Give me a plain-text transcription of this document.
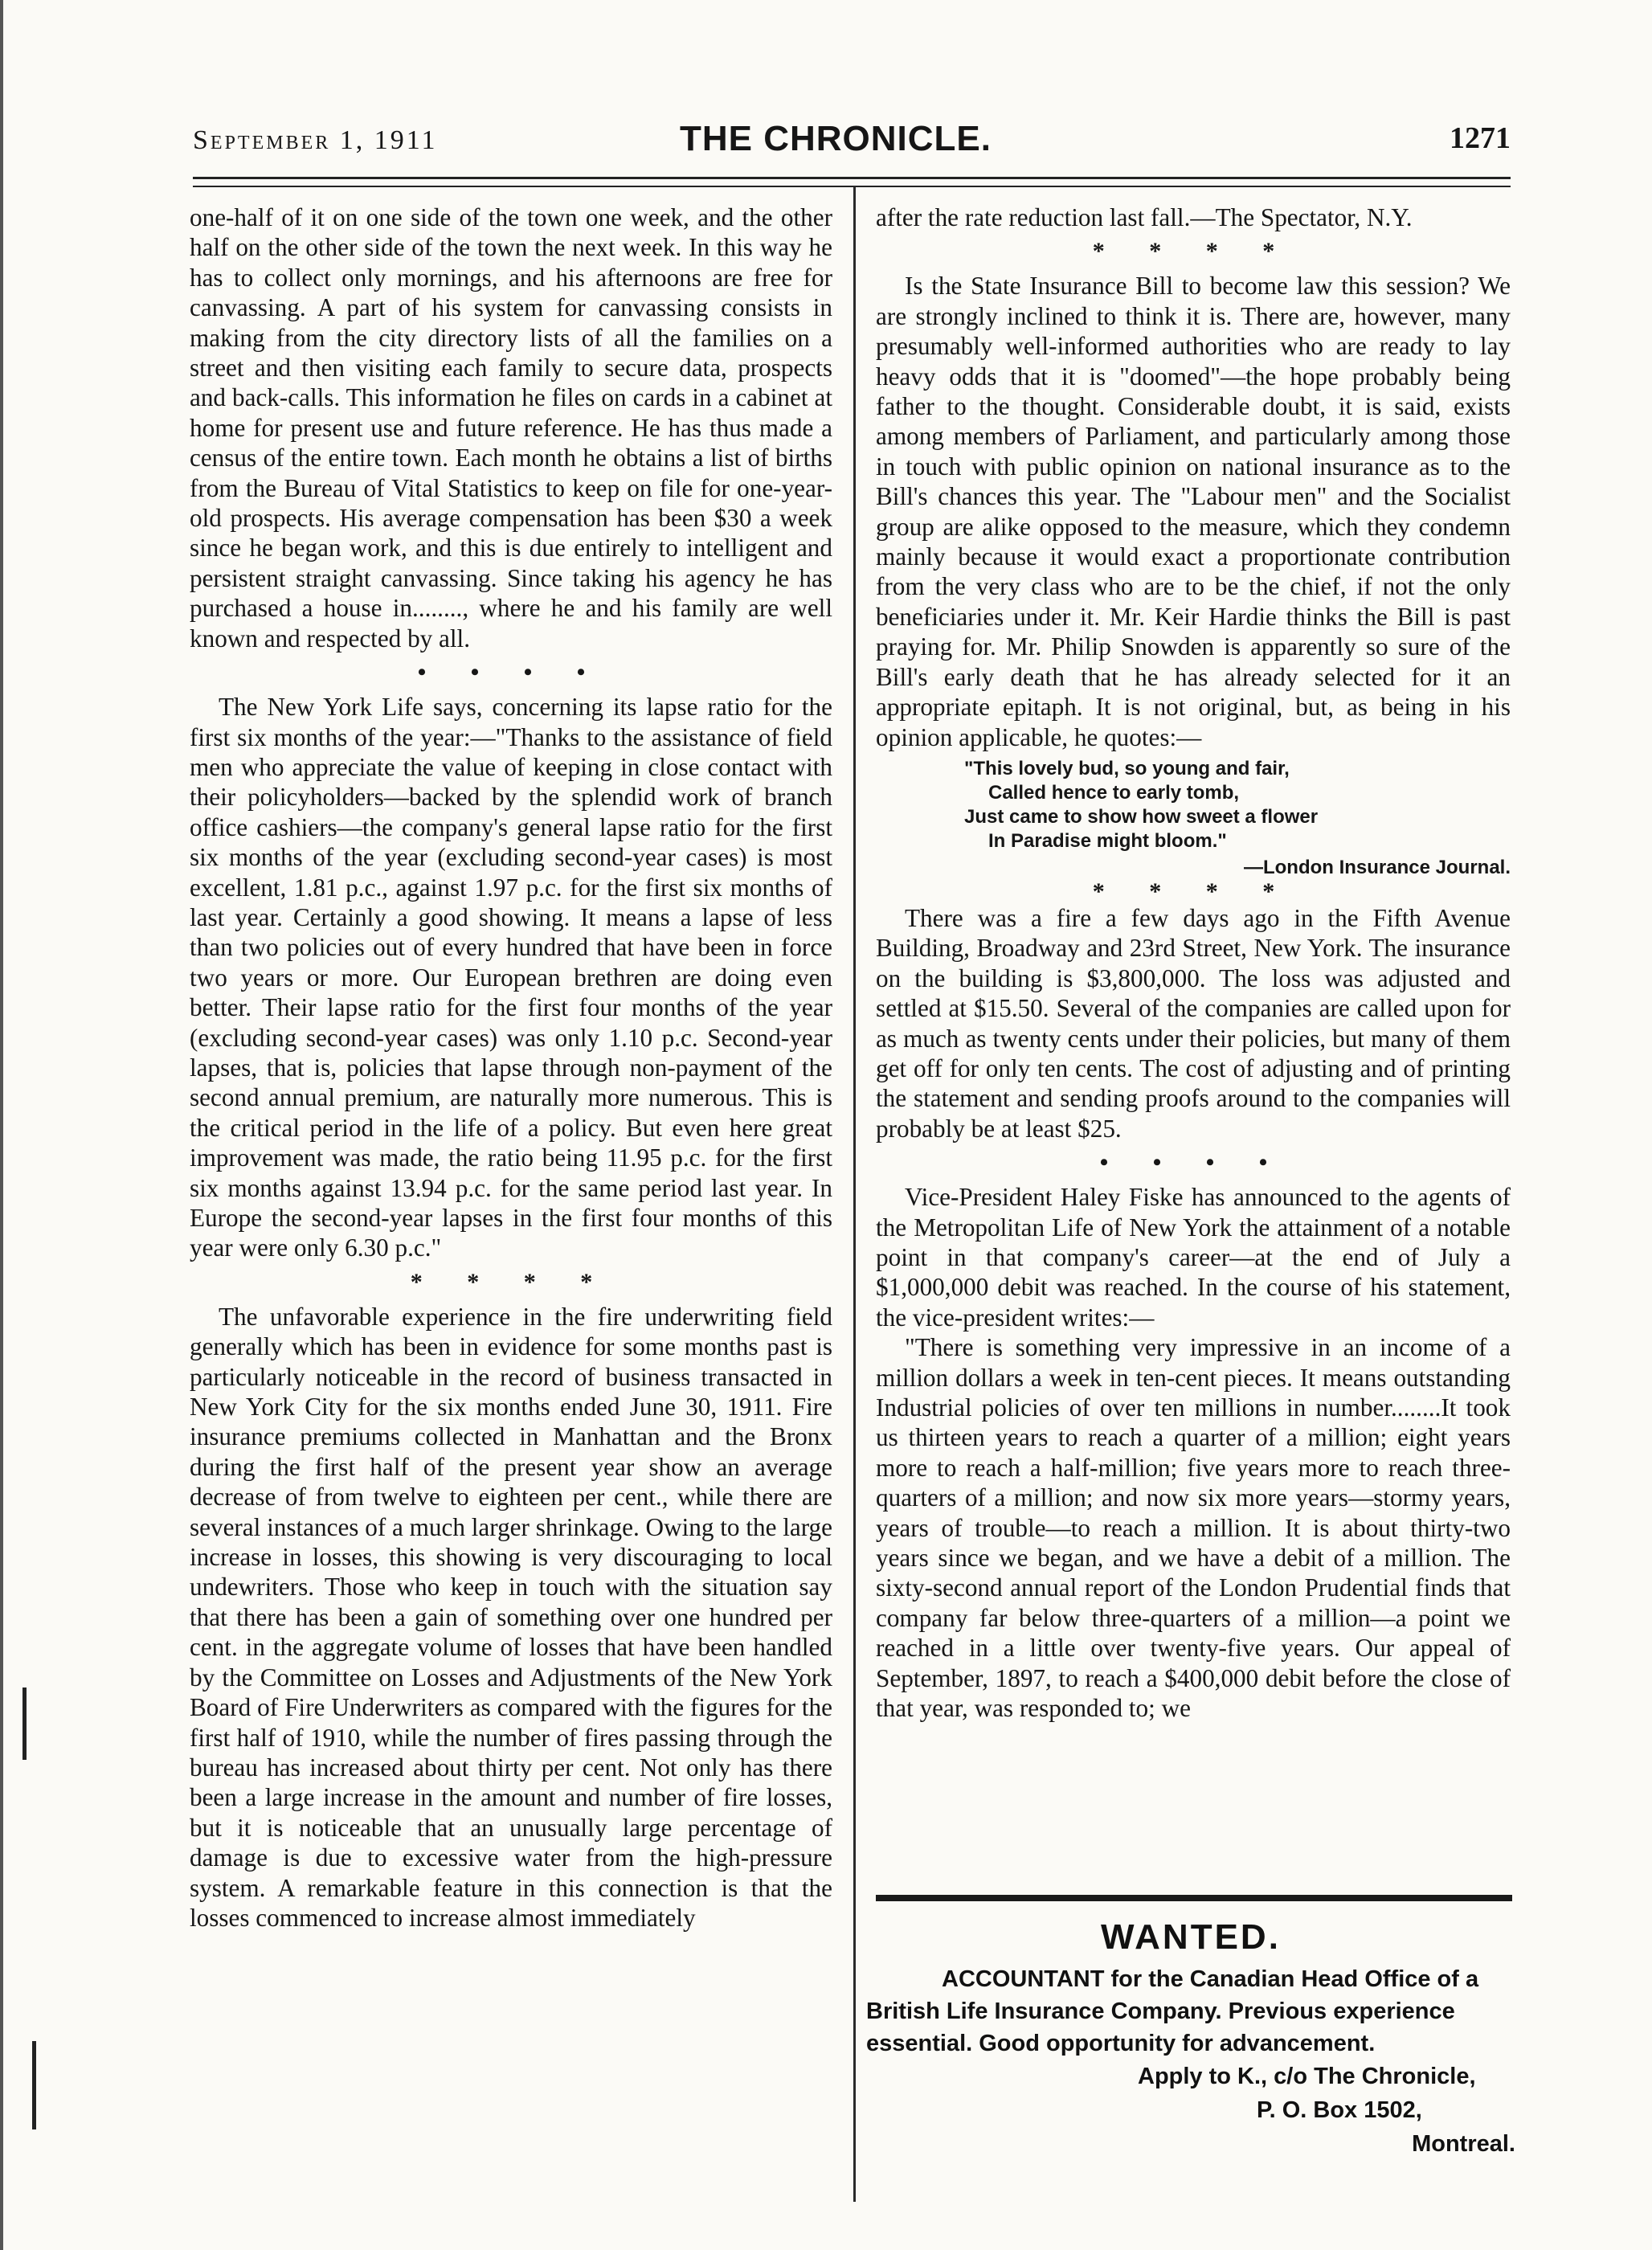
September 1, 1911	THE CHRONICLE.	1271

one-half of it on one side of the town one week, and the other half on the other side of the town the next week. In this way he has to collect only mornings, and his afternoons are free for canvassing. A part of his system for canvassing consists in making from the city directory lists of all the families on a street and then visiting each family to secure data, prospects and back-calls. This information he files on cards in a cabinet at home for present use and future reference. He has thus made a census of the entire town. Each month he obtains a list of births from the Bureau of Vital Statistics to keep on file for one-year-old prospects. His average compensation has been $30 a week since he began work, and this is due entirely to intelligent and persistent straight canvassing. Since taking his agency he has purchased a house in........, where he and his family are well known and respected by all.

• • • •

The New York Life says, concerning its lapse ratio for the first six months of the year:—"Thanks to the assistance of field men who appreciate the value of keeping in close contact with their policyholders—backed by the splendid work of branch office cashiers—the company's general lapse ratio for the first six months of the year (excluding second-year cases) is most excellent, 1.81 p.c., against 1.97 p.c. for the first six months of last year. Certainly a good showing. It means a lapse of less than two policies out of every hundred that have been in force two years or more. Our European brethren are doing even better. Their lapse ratio for the first four months of the year (excluding second-year cases) was only 1.10 p.c. Second-year lapses, that is, policies that lapse through non-payment of the second annual premium, are naturally more numerous. This is the critical period in the life of a policy. But even here great improvement was made, the ratio being 11.95 p.c. for the first six months against 13.94 p.c. for the same period last year. In Europe the second-year lapses in the first four months of this year were only 6.30 p.c."

* * * *

The unfavorable experience in the fire underwriting field generally which has been in evidence for some months past is particularly noticeable in the record of business transacted in New York City for the six months ended June 30, 1911. Fire insurance premiums collected in Manhattan and the Bronx during the first half of the present year show an average decrease of from twelve to eighteen per cent., while there are several instances of a much larger shrinkage. Owing to the large increase in losses, this showing is very discouraging to local undewriters. Those who keep in touch with the situation say that there has been a gain of something over one hundred per cent. in the aggregate volume of losses that have been handled by the Committee on Losses and Adjustments of the New York Board of Fire Underwriters as compared with the figures for the first half of 1910, while the number of fires passing through the bureau has increased about thirty per cent. Not only has there been a large increase in the amount and number of fire losses, but it is noticeable that an unusually large percentage of damage is due to excessive water from the high-pressure system. A remarkable feature in this connection is that the losses commenced to increase almost immediately

after the rate reduction last fall.—The Spectator, N.Y.

* * * *

Is the State Insurance Bill to become law this session? We are strongly inclined to think it is. There are, however, many presumably well-informed authorities who are ready to lay heavy odds that it is "doomed"—the hope probably being father to the thought. Considerable doubt, it is said, exists among members of Parliament, and particularly among those in touch with public opinion on national insurance as to the Bill's chances this year. The "Labour men" and the Socialist group are alike opposed to the measure, which they condemn mainly because it would exact a proportionate contribution from the very class who are to be the chief, if not the only beneficiaries under it. Mr. Keir Hardie thinks the Bill is past praying for. Mr. Philip Snowden is apparently so sure of the Bill's early death that he has already selected for it an appropriate epitaph. It is not original, but, as being in his opinion applicable, he quotes:—

"This lovely bud, so young and fair,
Called hence to early tomb,
Just came to show how sweet a flower
In Paradise might bloom."
—London Insurance Journal.
* * * *

There was a fire a few days ago in the Fifth Avenue Building, Broadway and 23rd Street, New York. The insurance on the building is $3,800,000. The loss was adjusted and settled at $15.50. Several of the companies are called upon for as much as twenty cents under their policies, but many of them get off for only ten cents. The cost of adjusting and of printing the statement and sending proofs around to the companies will probably be at least $25.

• • • •

Vice-President Haley Fiske has announced to the agents of the Metropolitan Life of New York the attainment of a notable point in that company's career—at the end of July a $1,000,000 debit was reached. In the course of his statement, the vice-president writes:—

"There is something very impressive in an income of a million dollars a week in ten-cent pieces. It means outstanding Industrial policies of over ten millions in number........It took us thirteen years to reach a quarter of a million; eight years more to reach a half-million; five years more to reach three-quarters of a million; and now six more years—stormy years, years of trouble—to reach a million. It is about thirty-two years since we began, and we have a debit of a million. The sixty-second annual report of the London Prudential finds that company far below three-quarters of a million—a point we reached in a little over twenty-five years. Our appeal of September, 1897, to reach a $400,000 debit before the close of that year, was responded to; we

WANTED.
ACCOUNTANT for the Canadian Head Office of a
British Life Insurance Company. Previous experience
essential. Good opportunity for advancement.
Apply to K., c/o The Chronicle,
P. O. Box 1502,
Montreal.
